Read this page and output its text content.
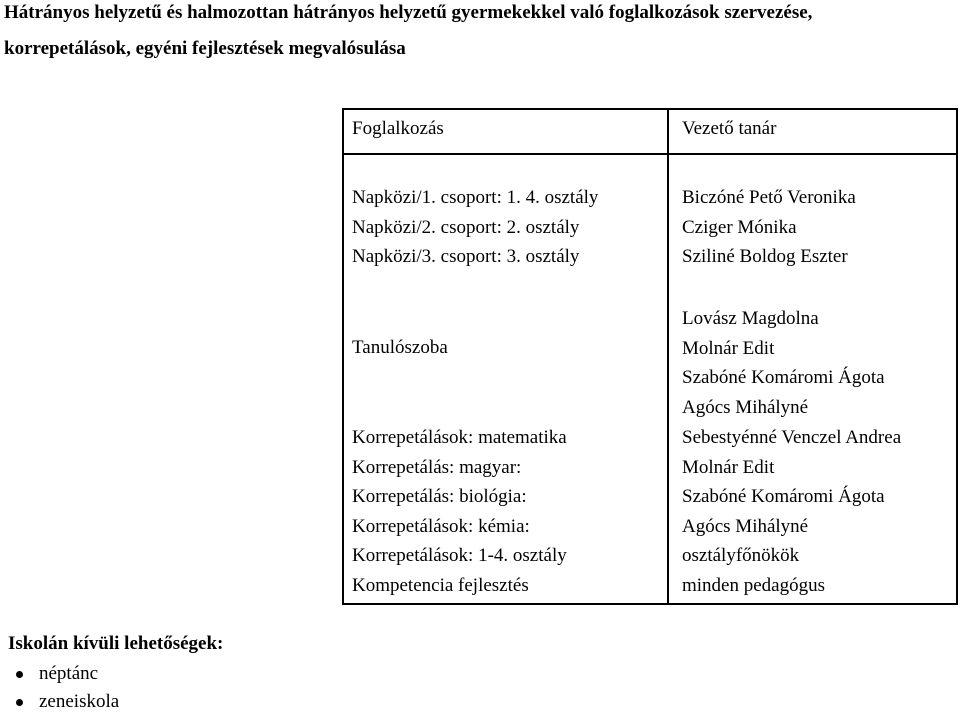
Hátrányos helyzetű és halmozottan hátrányos helyzetű gyermekekkel való foglalkozások szervezése,
korrepetálások, egyéni fejlesztések megvalósulása
Foglalkozás	Vezető tanár
Napközi/1. csoport: 1. 4. osztály
Napközi/2. csoport: 2. osztály
Napközi/3. csoport: 3. osztály
Biczóné Pető Veronika
Cziger Mónika
Sziliné Boldog Eszter
Tanulószoba
Lovász Magdolna
Molnár Edit
Szabóné Komáromi Ágota
Agócs Mihályné
Korrepetálások: matematika
Korrepetálás: magyar:
Korrepetálás: biológia:
Korrepetálások: kémia:
Korrepetálások: 1-4. osztály
Kompetencia fejlesztés
Sebestyénné Venczel Andrea
Molnár Edit
Szabóné Komáromi Ágota
Agócs Mihályné
osztályfőnökök
minden pedagógus
Iskolán kívüli lehetőségek:
néptánc
zeneiskola
